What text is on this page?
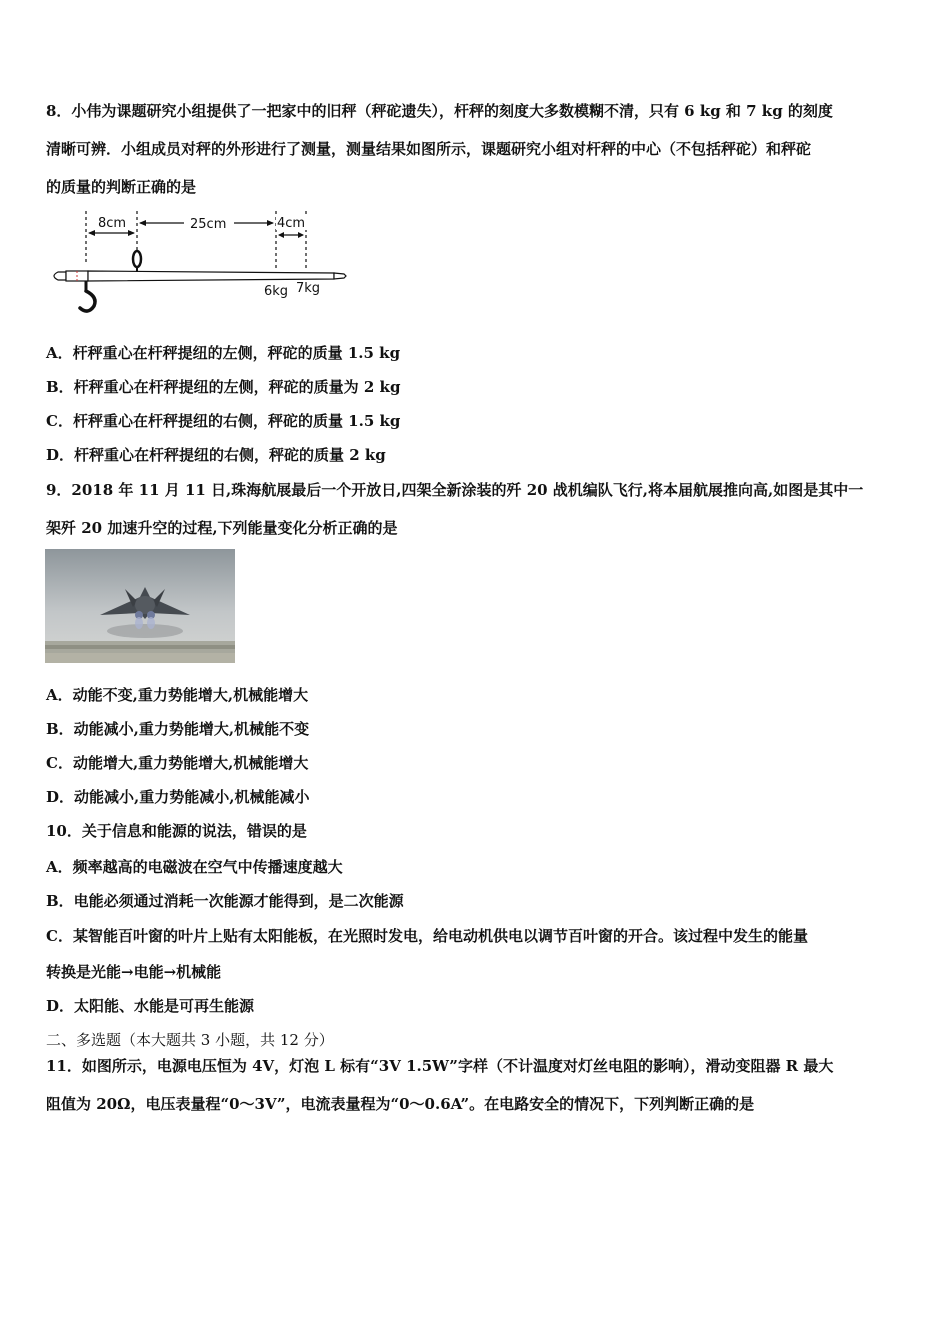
8．小伟为课题研究小组提供了一把家中的旧秤（秤砣遗失），杆秤的刻度大多数模糊不清，只有 6 kg 和 7 kg 的刻度
清晰可辨．小组成员对秤的外形进行了测量，测量结果如图所示，课题研究小组对杆秤的中心（不包括秤砣）和秤砣
的质量的判断正确的是
8cm	25cm	4cm
6kg 7kg
A．杆秤重心在杆秤提纽的左侧，秤砣的质量 1.5 kg
B．杆秤重心在杆秤提纽的左侧，秤砣的质量为 2 kg
C．杆秤重心在杆秤提纽的右侧，秤砣的质量 1.5 kg
D．杆秤重心在杆秤提纽的右侧，秤砣的质量 2 kg
9．2018 年 11 月 11 日,珠海航展最后一个开放日,四架全新涂装的歼 20 战机编队飞行,将本届航展推向高,如图是其中一
架歼 20 加速升空的过程,下列能量变化分析正确的是
A．动能不变,重力势能增大,机械能增大
B．动能减小,重力势能增大,机械能不变
C．动能增大,重力势能增大,机械能增大
D．动能减小,重力势能减小,机械能减小
10．关于信息和能源的说法，错误的是
A．频率越高的电磁波在空气中传播速度越大
B．电能必须通过消耗一次能源才能得到，是二次能源
C．某智能百叶窗的叶片上贴有太阳能板，在光照时发电，给电动机供电以调节百叶窗的开合。该过程中发生的能量
转换是光能→电能→机械能
D．太阳能、水能是可再生能源
二、多选题（本大题共 3 小题，共 12 分）
11．如图所示，电源电压恒为 4V，灯泡 L 标有“3V 1.5W”字样（不计温度对灯丝电阻的影响），滑动变阻器 R 最大
阻值为 20Ω，电压表量程“0～3V”，电流表量程为“0～0.6A”。在电路安全的情况下，下列判断正确的是
